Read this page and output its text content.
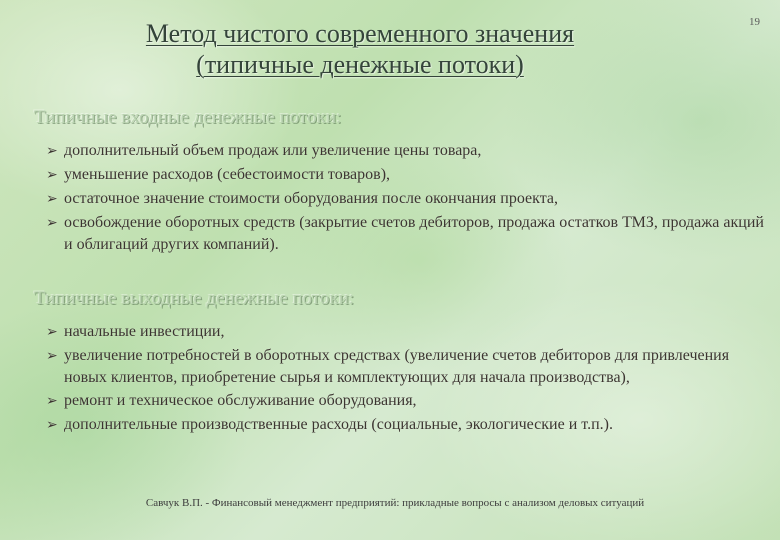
Метод чистого современного значения
(типичные денежные потоки)
19
Типичные входные денежные потоки:
➢ дополнительный объем продаж или увеличение цены товара,
➢ уменьшение расходов (себестоимости товаров),
➢ остаточное значение стоимости оборудования после окончания проекта,
➢ освобождение оборотных средств (закрытие счетов дебиторов, продажа остатков ТМЗ, продажа акций и облигаций других компаний).
Типичные выходные денежные потоки:
➢ начальные инвестиции,
➢ увеличение потребностей в оборотных средствах (увеличение счетов дебиторов для привлечения новых клиентов, приобретение сырья и комплектующих для начала производства),
➢ ремонт и техническое обслуживание оборудования,
➢ дополнительные производственные расходы (социальные, экологические и т.п.).
Савчук В.П. - Финансовый менеджмент предприятий: прикладные вопросы с анализом деловых ситуаций
